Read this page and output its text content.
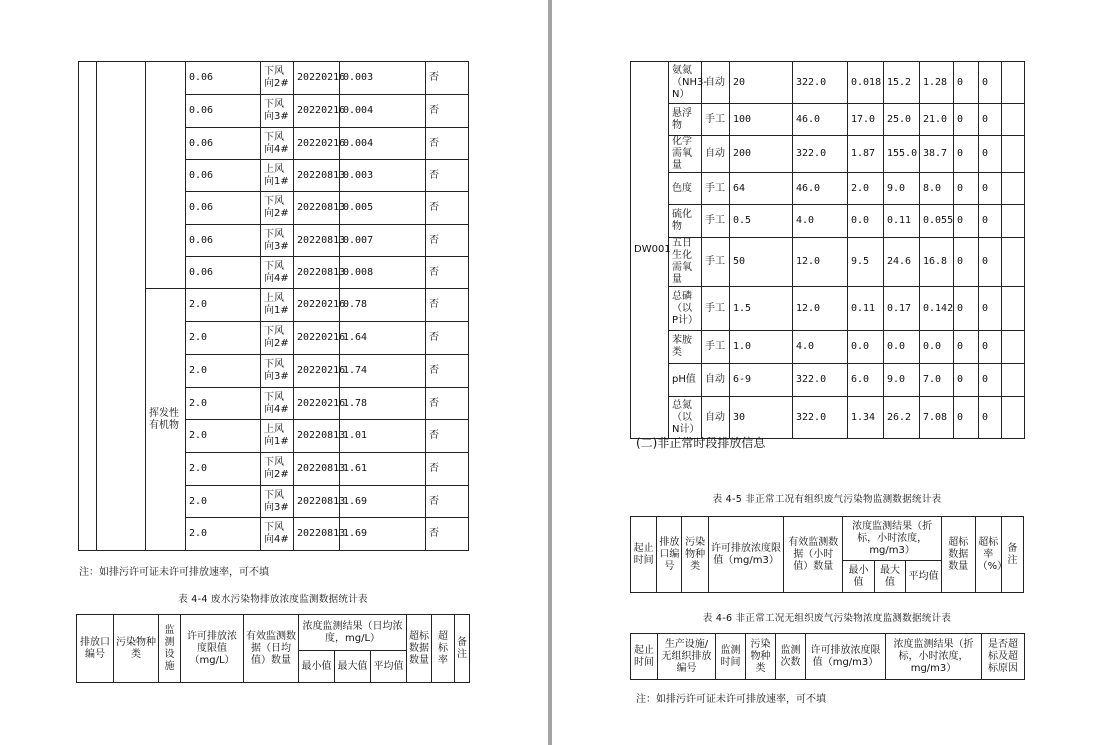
			0.06	下风向2#	20220216	0.003	否
			0.06	下风向3#	20220216	0.004	否
			0.06	下风向4#	20220216	0.004	否
			0.06	上风向1#	20220813	0.003	否
			0.06	下风向2#	20220813	0.005	否
			0.06	下风向3#	20220813	0.007	否
			0.06	下风向4#	20220813	0.008	否
		挥发性有机物	2.0	上风向1#	20220216	0.78	否
			2.0	下风向2#	20220216	1.64	否
			2.0	下风向3#	20220216	1.74	否
			2.0	下风向4#	20220216	1.78	否
			2.0	上风向1#	20220813	1.01	否
			2.0	下风向2#	20220813	1.61	否
			2.0	下风向3#	20220813	1.69	否
			2.0	下风向4#	20220813	1.69	否
注：如排污许可证未许可排放速率，可不填
表 4-4 废水污染物排放浓度监测数据统计表
排放口编号	污染物种类	监测设施	许可排放浓度限值（mg/L）	有效监测数据（日均值）数量	浓度监测结果（日均浓度，mg/L）			超标数据数量	超标率	备注
					最小值	最大值	平均值			
DW001	氨氮（NH3-N）	自动	20	322.0	0.018	15.2	1.28	0	0	
	悬浮物	手工	100	46.0	17.0	25.0	21.0	0	0	
	化学需氧量	自动	200	322.0	1.87	155.0	38.7	0	0	
	色度	手工	64	46.0	2.0	9.0	8.0	0	0	
	硫化物	手工	0.5	4.0	0.0	0.11	0.055	0	0	
	五日生化需氧量	手工	50	12.0	9.5	24.6	16.8	0	0	
	总磷（以P计）	手工	1.5	12.0	0.11	0.17	0.142	0	0	
	苯胺类	手工	1.0	4.0	0.0	0.0	0.0	0	0	
	pH值	自动	6-9	322.0	6.0	9.0	7.0	0	0	
	总氮（以N计）	自动	30	322.0	1.34	26.2	7.08	0	0	
(二)非正常时段排放信息
表 4-5 非正常工况有组织废气污染物监测数据统计表
起止时间	排放口编号	污染物种类	许可排放浓度限值（mg/m3）	有效监测数据（小时值）数量	浓度监测结果（折标，小时浓度，mg/m3）			超标数据数量	超标率（%）	备注
					最小值	最大值	平均值			
表 4-6 非正常工况无组织废气污染物浓度监测数据统计表
起止时间	生产设施/无组织排放编号	监测时间	污染物种类	监测次数	许可排放浓度限值（mg/m3）	浓度监测结果（折标，小时浓度，mg/m3）	是否超标及超标原因
注：如排污许可证未许可排放速率，可不填
